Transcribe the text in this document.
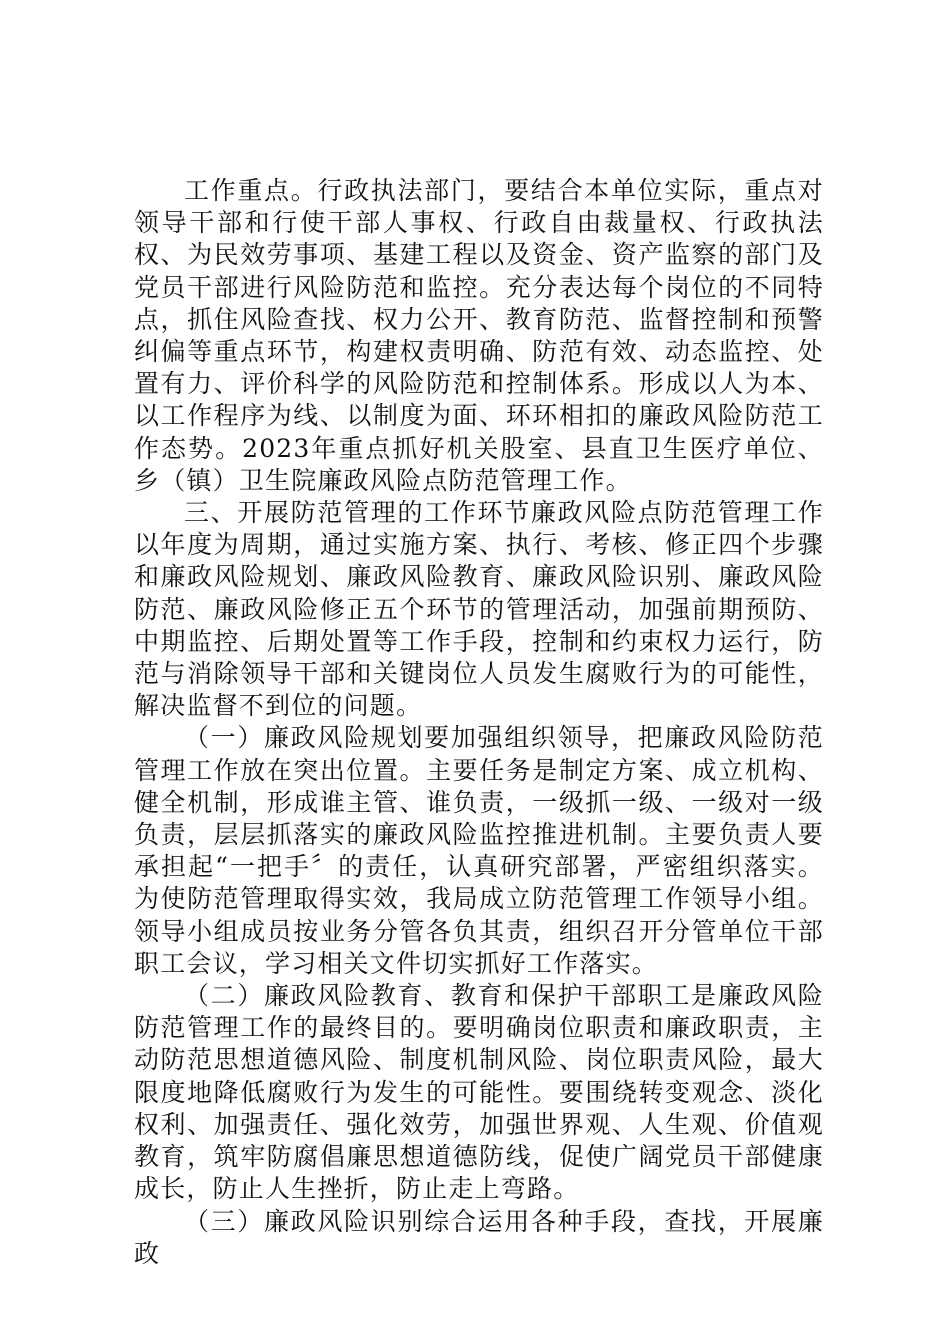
工作重点。行政执法部门，要结合本单位实际，重点对领导干部和行使干部人事权、行政自由裁量权、行政执法权、为民效劳事项、基建工程以及资金、资产监察的部门及党员干部进行风险防范和监控。充分表达每个岗位的不同特点，抓住风险查找、权力公开、教育防范、监督控制和预警纠偏等重点环节，构建权责明确、防范有效、动态监控、处置有力、评价科学的风险防范和控制体系。形成以人为本、以工作程序为线、以制度为面、环环相扣的廉政风险防范工作态势。2023年重点抓好机关股室、县直卫生医疗单位、乡（镇）卫生院廉政风险点防范管理工作。

三、开展防范管理的工作环节廉政风险点防范管理工作以年度为周期，通过实施方案、执行、考核、修正四个步骤和廉政风险规划、廉政风险教育、廉政风险识别、廉政风险防范、廉政风险修正五个环节的管理活动，加强前期预防、中期监控、后期处置等工作手段，控制和约束权力运行，防范与消除领导干部和关键岗位人员发生腐败行为的可能性，解决监督不到位的问题。

（一）廉政风险规划要加强组织领导，把廉政风险防范管理工作放在突出位置。主要任务是制定方案、成立机构、健全机制，形成谁主管、谁负责，一级抓一级、一级对一级负责，层层抓落实的廉政风险监控推进机制。主要负责人要承担起“一把手〞的责任，认真研究部署，严密组织落实。为使防范管理取得实效，我局成立防范管理工作领导小组。领导小组成员按业务分管各负其责，组织召开分管单位干部职工会议，学习相关文件切实抓好工作落实。

（二）廉政风险教育、教育和保护干部职工是廉政风险防范管理工作的最终目的。要明确岗位职责和廉政职责，主动防范思想道德风险、制度机制风险、岗位职责风险，最大限度地降低腐败行为发生的可能性。要围绕转变观念、淡化权利、加强责任、强化效劳，加强世界观、人生观、价值观教育，筑牢防腐倡廉思想道德防线，促使广阔党员干部健康成长，防止人生挫折，防止走上弯路。

（三）廉政风险识别综合运用各种手段，查找，开展廉政
